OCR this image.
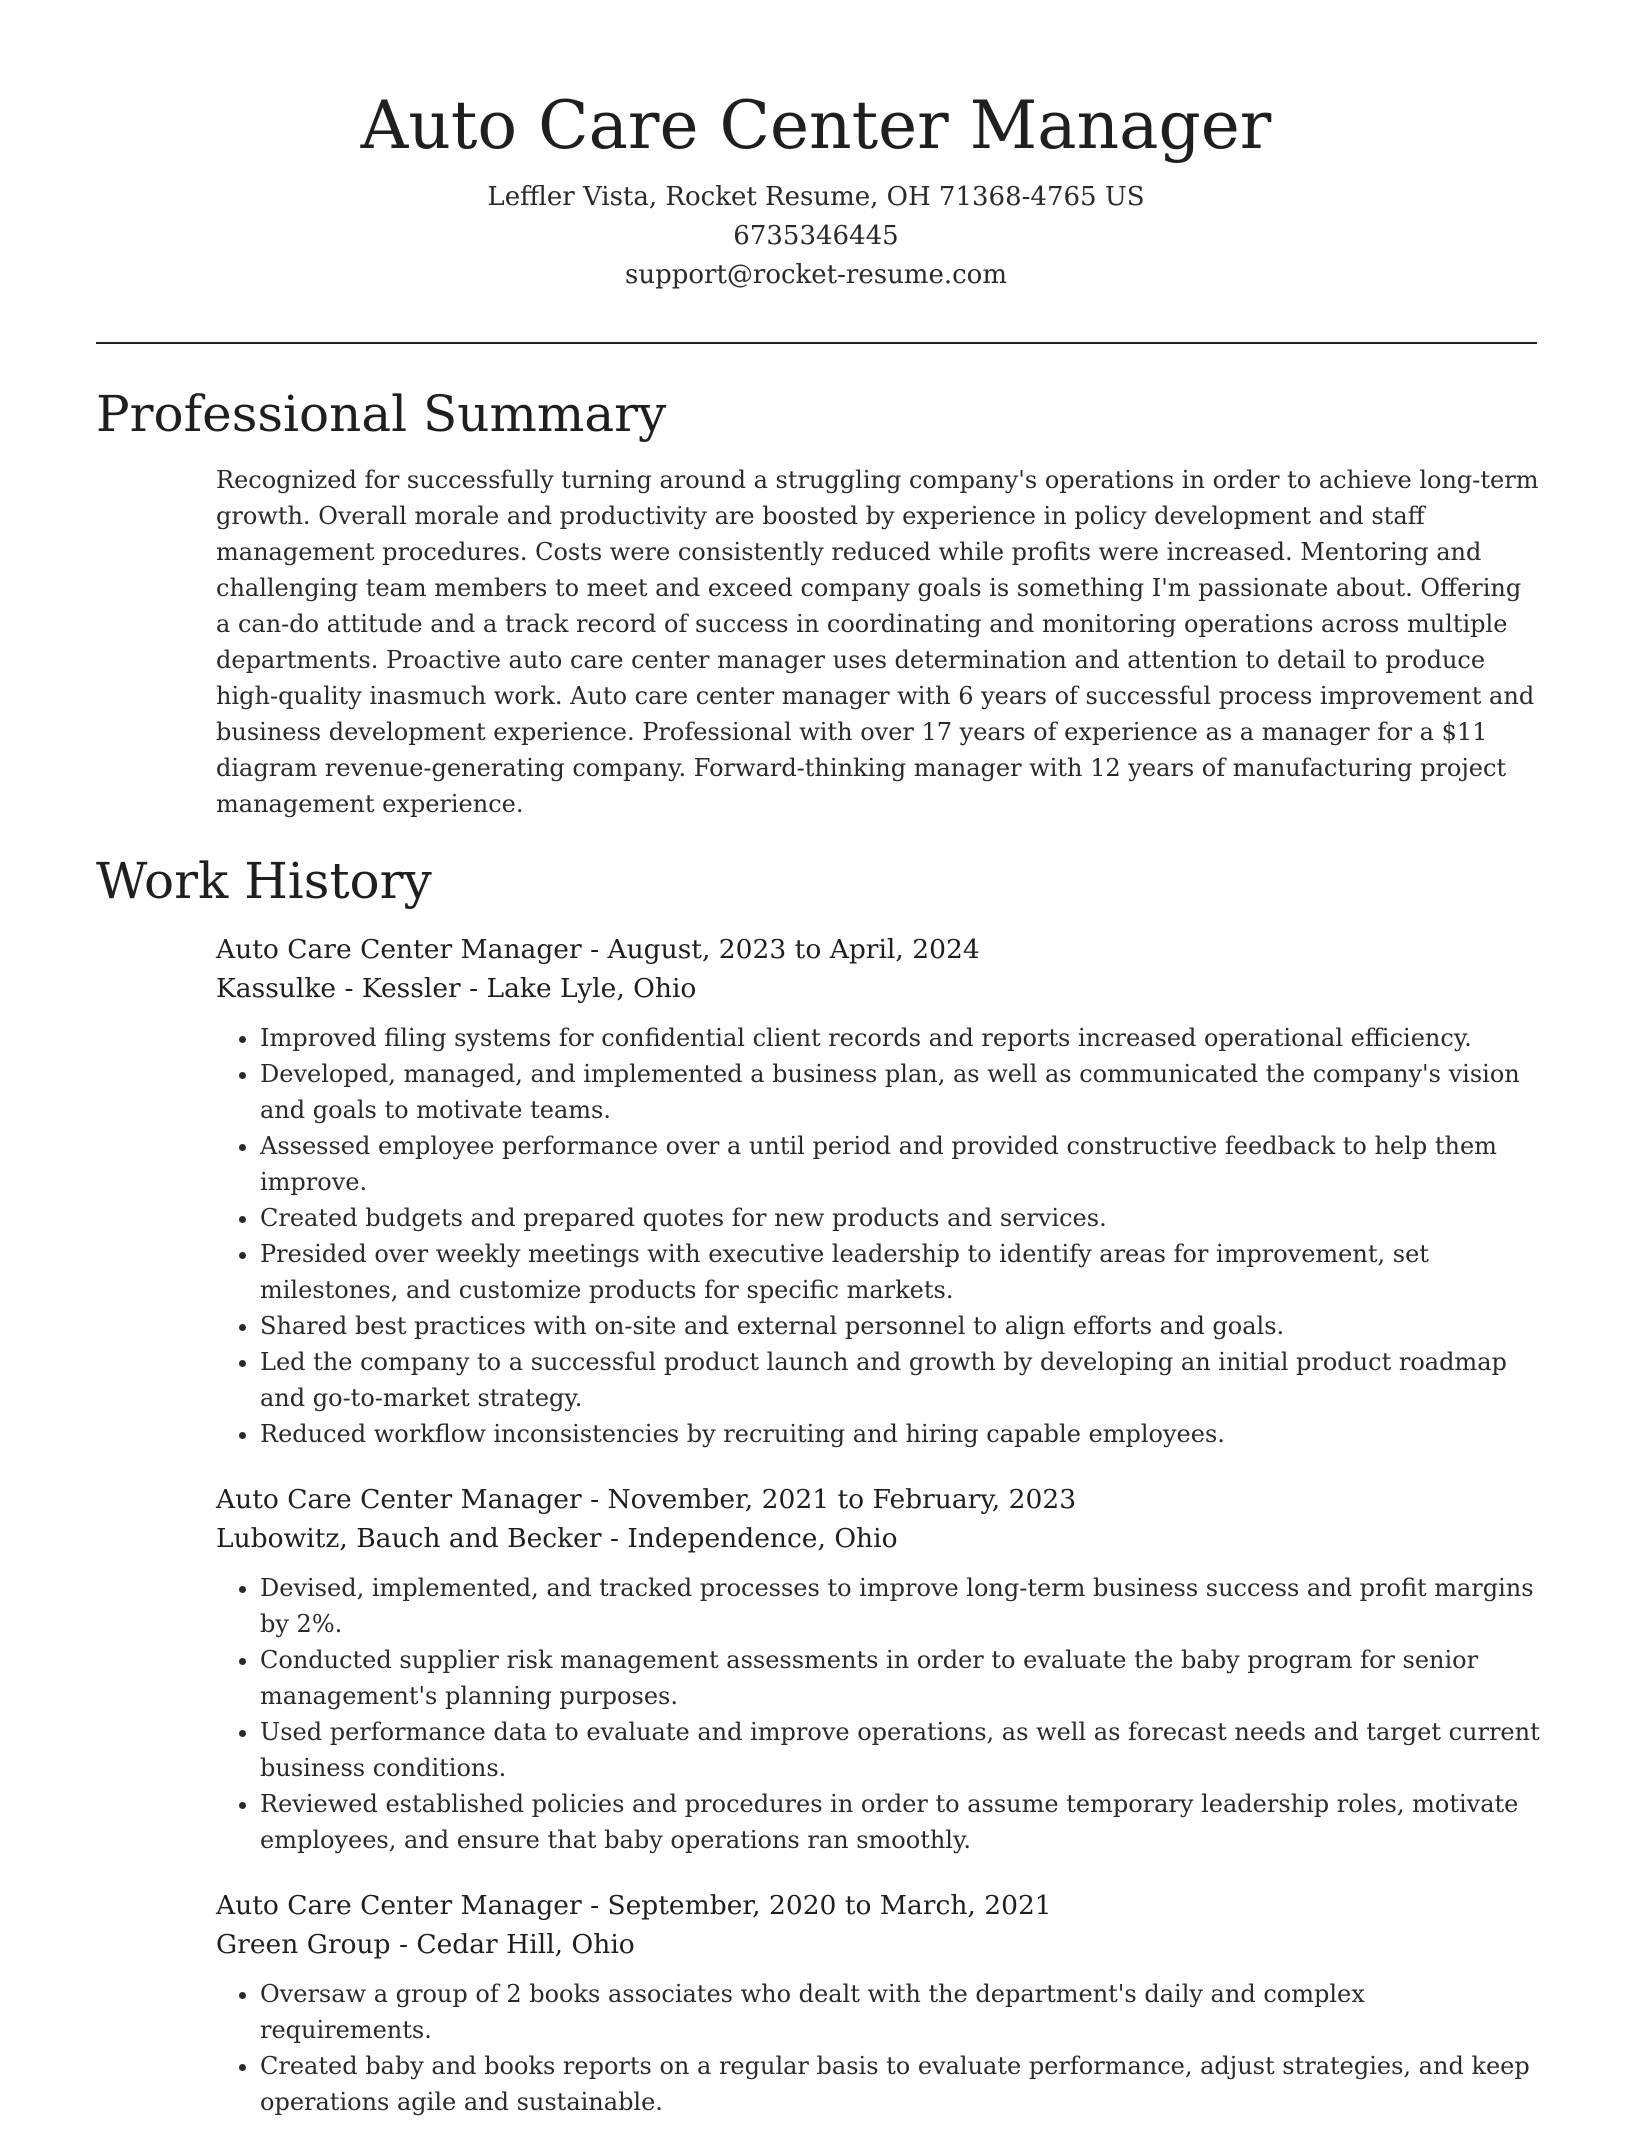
Auto Care Center Manager
Leffler Vista, Rocket Resume, OH 71368-4765 US
6735346445
support@rocket-resume.com
Professional Summary

Recognized for successfully turning around a struggling company's operations in order to achieve long-term growth. Overall morale and productivity are boosted by experience in policy development and staff management procedures. Costs were consistently reduced while profits were increased. Mentoring and challenging team members to meet and exceed company goals is something I'm passionate about. Offering a can-do attitude and a track record of success in coordinating and monitoring operations across multiple departments. Proactive auto care center manager uses determination and attention to detail to produce high-quality inasmuch work. Auto care center manager with 6 years of successful process improvement and business development experience. Professional with over 17 years of experience as a manager for a $11 diagram revenue-generating company. Forward-thinking manager with 12 years of manufacturing project management experience.

Work History
Auto Care Center Manager - August, 2023 to April, 2024
Kassulke - Kessler - Lake Lyle, Ohio
• Improved filing systems for confidential client records and reports increased operational efficiency.
• Developed, managed, and implemented a business plan, as well as communicated the company's vision and goals to motivate teams.
• Assessed employee performance over a until period and provided constructive feedback to help them improve.
• Created budgets and prepared quotes for new products and services.
• Presided over weekly meetings with executive leadership to identify areas for improvement, set milestones, and customize products for specific markets.
• Shared best practices with on-site and external personnel to align efforts and goals.
• Led the company to a successful product launch and growth by developing an initial product roadmap and go-to-market strategy.
• Reduced workflow inconsistencies by recruiting and hiring capable employees.
Auto Care Center Manager - November, 2021 to February, 2023
Lubowitz, Bauch and Becker - Independence, Ohio
• Devised, implemented, and tracked processes to improve long-term business success and profit margins by 2%.
• Conducted supplier risk management assessments in order to evaluate the baby program for senior management's planning purposes.
• Used performance data to evaluate and improve operations, as well as forecast needs and target current business conditions.
• Reviewed established policies and procedures in order to assume temporary leadership roles, motivate employees, and ensure that baby operations ran smoothly.
Auto Care Center Manager - September, 2020 to March, 2021
Green Group - Cedar Hill, Ohio
• Oversaw a group of 2 books associates who dealt with the department's daily and complex requirements.
• Created baby and books reports on a regular basis to evaluate performance, adjust strategies, and keep operations agile and sustainable.
